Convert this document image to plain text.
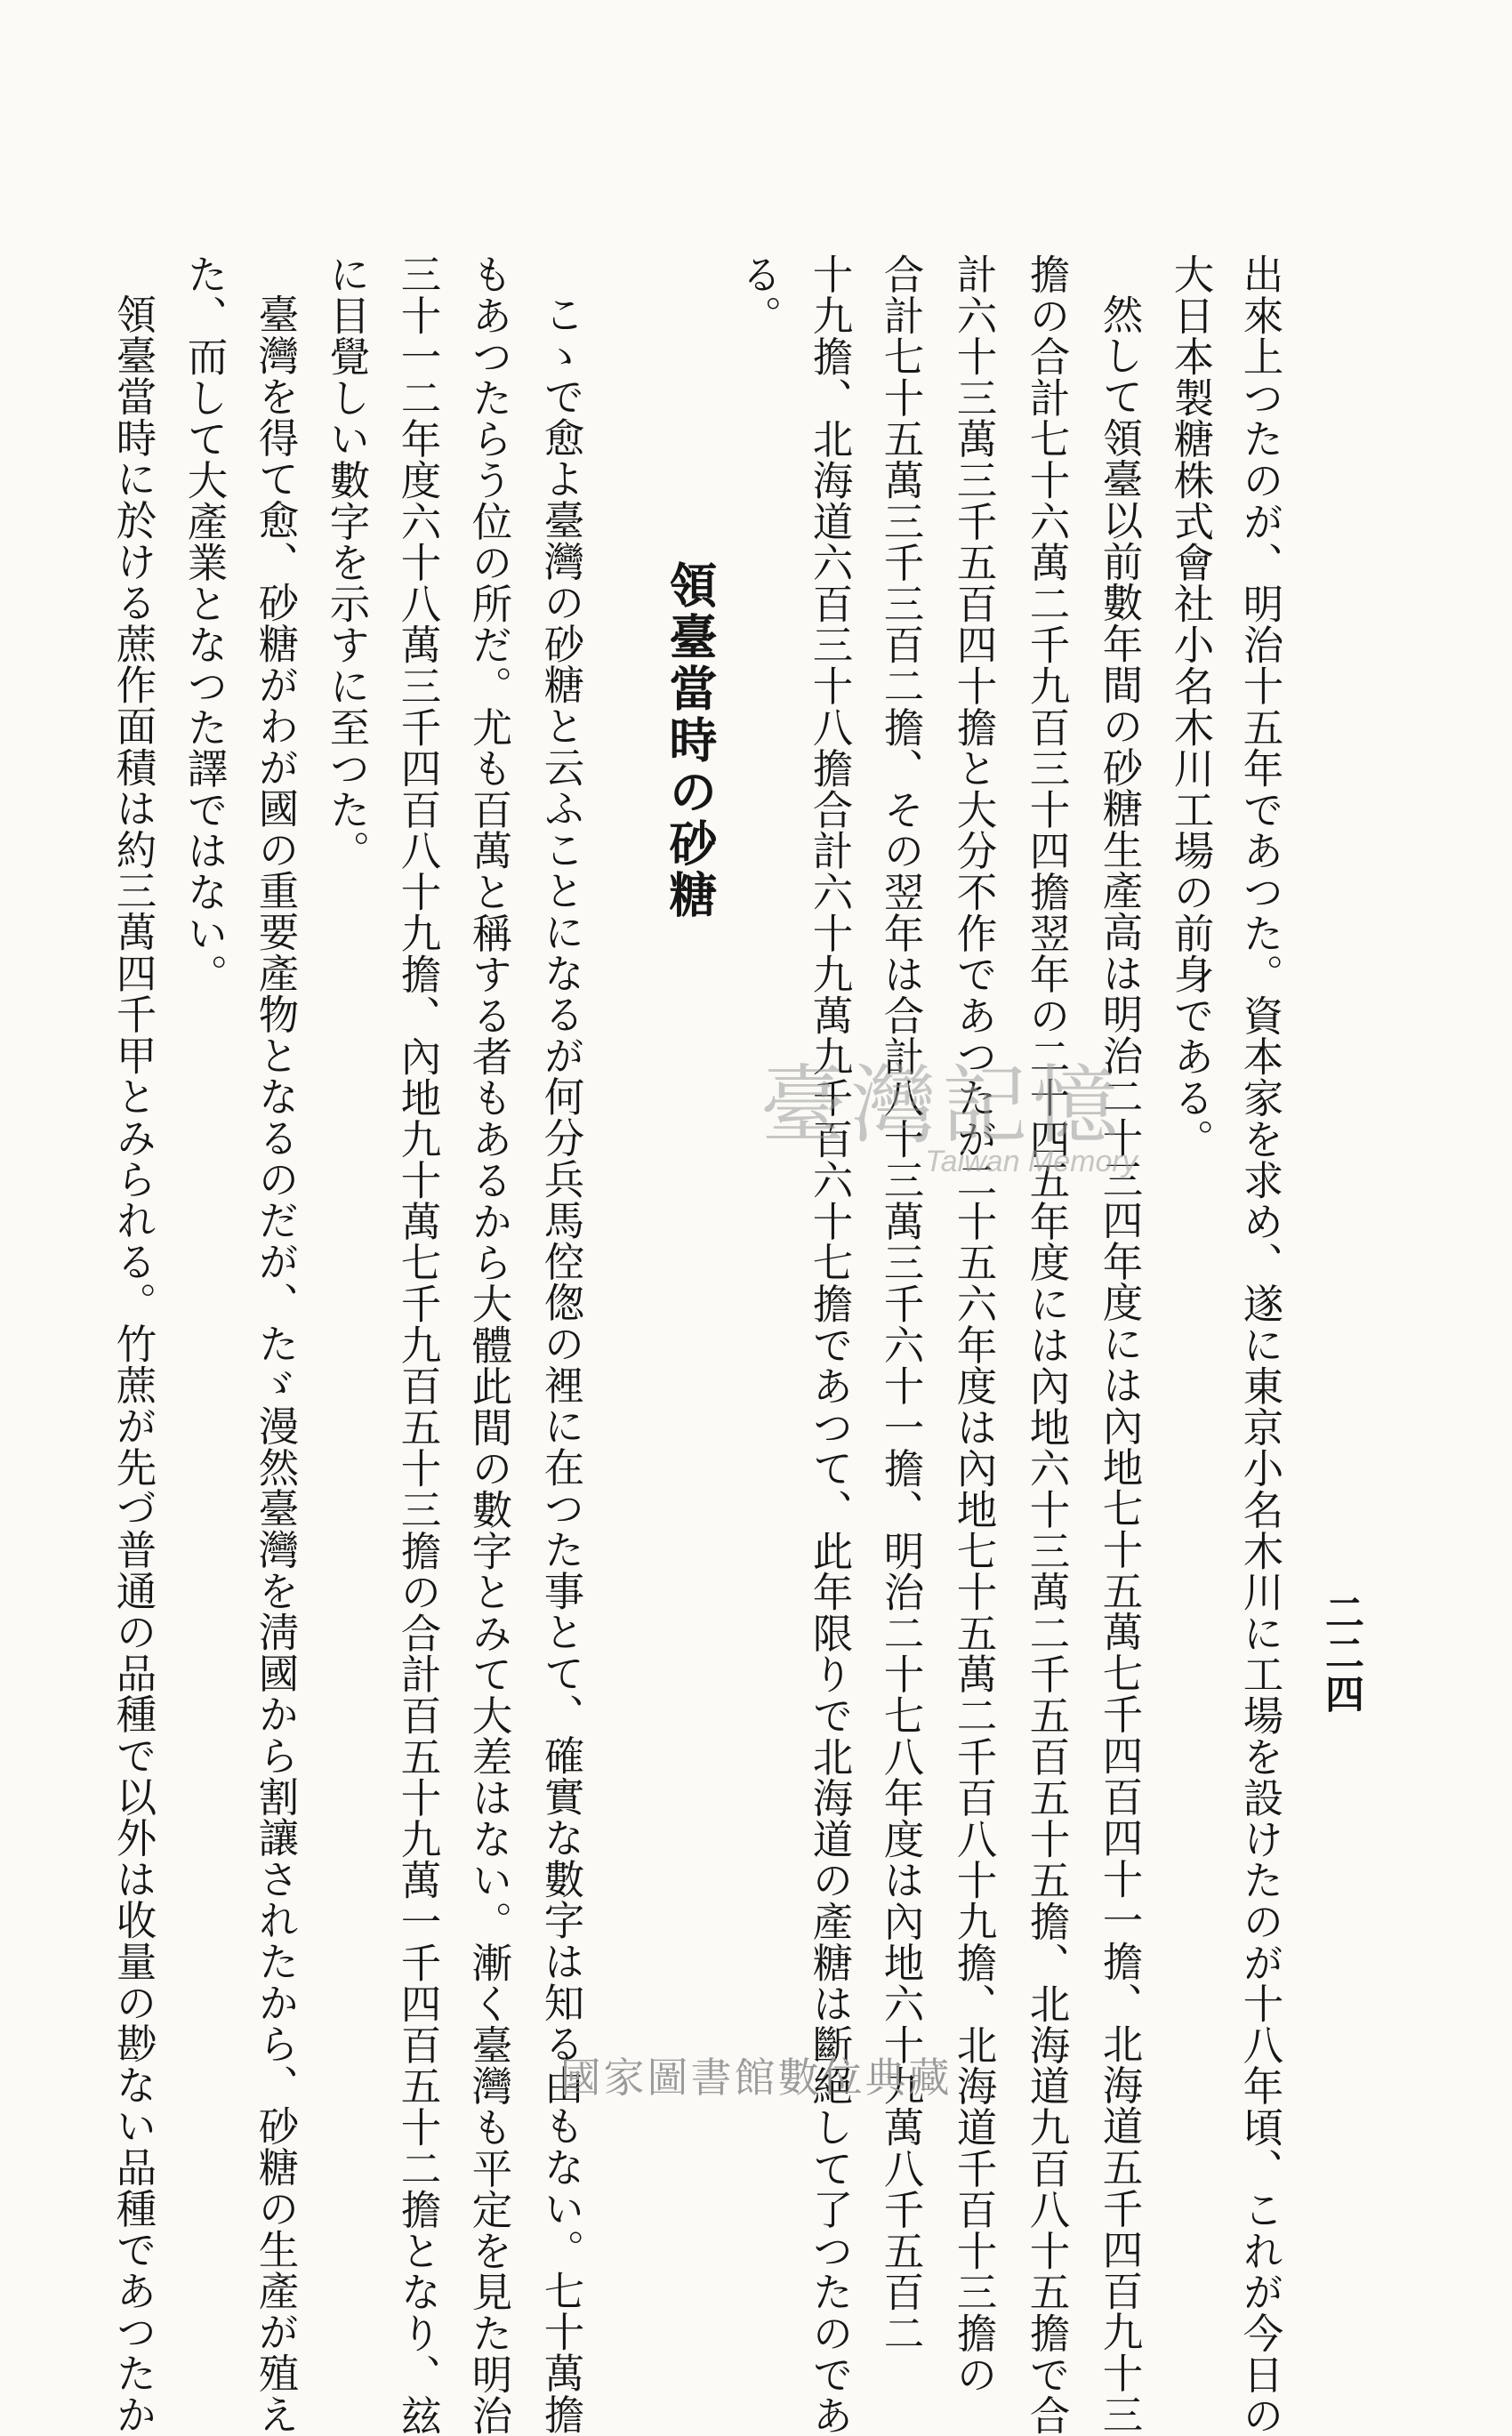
二二四
出來上つたのが、明治十五年であつた。資本家を求め、遂に東京小名木川に工場を設けたのが十八年頃、これが今日の
大日本製糖株式會社小名木川工場の前身である。
然して領臺以前數年間の砂糖生產高は明治二十三四年度には內地七十五萬七千四百四十一擔、北海道五千四百九十三
擔の合計七十六萬二千九百三十四擔翌年の二十四五年度には內地六十三萬二千五百五十五擔、北海道九百八十五擔で合
計六十三萬三千五百四十擔と大分不作であつたが二十五六年度は內地七十五萬二千百八十九擔、北海道千百十三擔の
合計七十五萬三千三百二擔、その翌年は合計八十三萬三千六十一擔、明治二十七八年度は內地六十九萬八千五百二
十九擔、北海道六百三十八擔合計六十九萬九千百六十七擔であつて、此年限りで北海道の產糖は斷絕して了つたのであ
る。
領臺當時の砂糖
こゝで愈よ臺灣の砂糖と云ふことになるが何分兵馬倥偬の裡に在つた事とて、確實な數字は知る由もない。七十萬擔
もあつたらう位の所だ。尤も百萬と稱する者もあるから大體此間の數字とみて大差はない。漸く臺灣も平定を見た明治
三十一二年度六十八萬三千四百八十九擔、內地九十萬七千九百五十三擔の合計百五十九萬一千四百五十二擔となり、玆
に目覺しい數字を示すに至つた。
臺灣を得て愈、砂糖がわが國の重要產物となるのだが、たゞ漫然臺灣を淸國から割讓されたから、砂糖の生產が殖え
た、而して大產業となつた譯ではない。
領臺當時に於ける蔗作面積は約三萬四千甲とみられる。竹蔗が先づ普通の品種で以外は收量の尠ない品種であつたか	臺灣記憶
Taiwan Memory
國家圖書館數位典藏
